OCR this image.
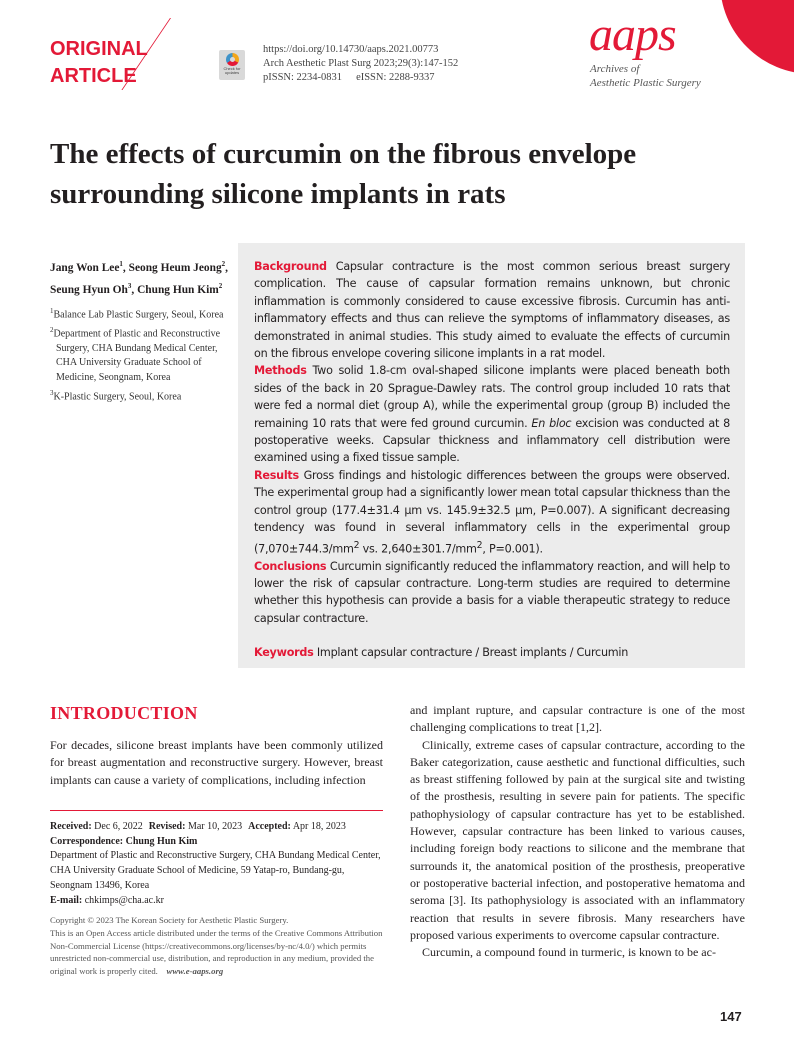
ORIGINAL
ARTICLE	Check for
updates
https://doi.org/10.14730/aaps.2021.00773
Arch Aesthetic Plast Surg 2023;29(3):147-152
pISSN: 2234-0831 eISSN: 2288-9337
aaps
Archives of
Aesthetic Plastic Surgery
The effects of curcumin on the fibrous envelope surrounding silicone implants in rats
Jang Won Lee$^1$, Seong Heum Jeong$^2$, Seung Hyun Oh$^3$, Chung Hun Kim$^2$
$^1$Balance Lab Plastic Surgery, Seoul, Korea
$^2$Department of Plastic and Reconstructive Surgery, CHA Bundang Medical Center, CHA University Graduate School of Medicine, Seongnam, Korea
$^3$K-Plastic Surgery, Seoul, Korea
Background Capsular contracture is the most common serious breast surgery complication. The cause of capsular formation remains unknown, but chronic inflammation is commonly considered to cause excessive fibrosis. Curcumin has anti-inflammatory effects and thus can relieve the symptoms of inflammatory diseases, as demonstrated in animal studies. This study aimed to evaluate the effects of curcumin on the fibrous envelope covering silicone implants in a rat model.
Methods Two solid 1.8-cm oval-shaped silicone implants were placed beneath both sides of the back in 20 Sprague-Dawley rats. The control group included 10 rats that were fed a normal diet (group A), while the experimental group (group B) included the remaining 10 rats that were fed ground curcumin. En bloc excision was conducted at 8 postoperative weeks. Capsular thickness and inflammatory cell distribution were examined using a fixed tissue sample.
Results Gross findings and histologic differences between the groups were observed. The experimental group had a significantly lower mean total capsular thickness than the control group (177.4±31.4 μm vs. 145.9±32.5 μm, P=0.007). A significant decreasing tendency was found in several inflammatory cells in the experimental group ($7,070\pm 744.3/mm^2$ vs. $2,640\pm 301.7/mm^2$, P=0.001).
Conclusions Curcumin significantly reduced the inflammatory reaction, and will help to lower the risk of capsular contracture. Long-term studies are required to determine whether this hypothesis can provide a basis for a viable therapeutic strategy to reduce capsular contracture.
Keywords Implant capsular contracture / Breast implants / Curcumin
INTRODUCTION

For decades, silicone breast implants have been commonly utilized for breast augmentation and reconstructive surgery. However, breast implants can cause a variety of complications, including infection

Received: Dec 6, 2022 Revised: Mar 10, 2023 Accepted: Apr 18, 2023
Correspondence: Chung Hun Kim
Department of Plastic and Reconstructive Surgery, CHA Bundang Medical Center, CHA University Graduate School of Medicine, 59 Yatap-ro, Bundang-gu, Seongnam 13496, Korea
E-mail: chkimps@cha.ac.kr
Copyright © 2023 The Korean Society for Aesthetic Plastic Surgery.
This is an Open Access article distributed under the terms of the Creative Commons Attribution Non-Commercial License (https://creativecommons.org/licenses/by-nc/4.0/) which permits unrestricted non-commercial use, distribution, and reproduction in any medium, provided the original work is properly cited. www.e-aaps.org

and implant rupture, and capsular contracture is one of the most challenging complications to treat [1,2].

Clinically, extreme cases of capsular contracture, according to the Baker categorization, cause aesthetic and functional difficulties, such as breast stiffening followed by pain at the surgical site and twisting of the prosthesis, resulting in severe pain for patients. The specific pathophysiology of capsular contracture has yet to be established. However, capsular contracture has been linked to various causes, including foreign body reactions to silicone and the membrane that surrounds it, the anatomical position of the prosthesis, preoperative or postoperative bacterial infection, and postoperative hematoma and seroma [3]. Its pathophysiology is associated with an inflammatory reaction that results in severe fibrosis. Many researchers have proposed various experiments to overcome capsular contracture.

Curcumin, a compound found in turmeric, is known to be ac-

147
